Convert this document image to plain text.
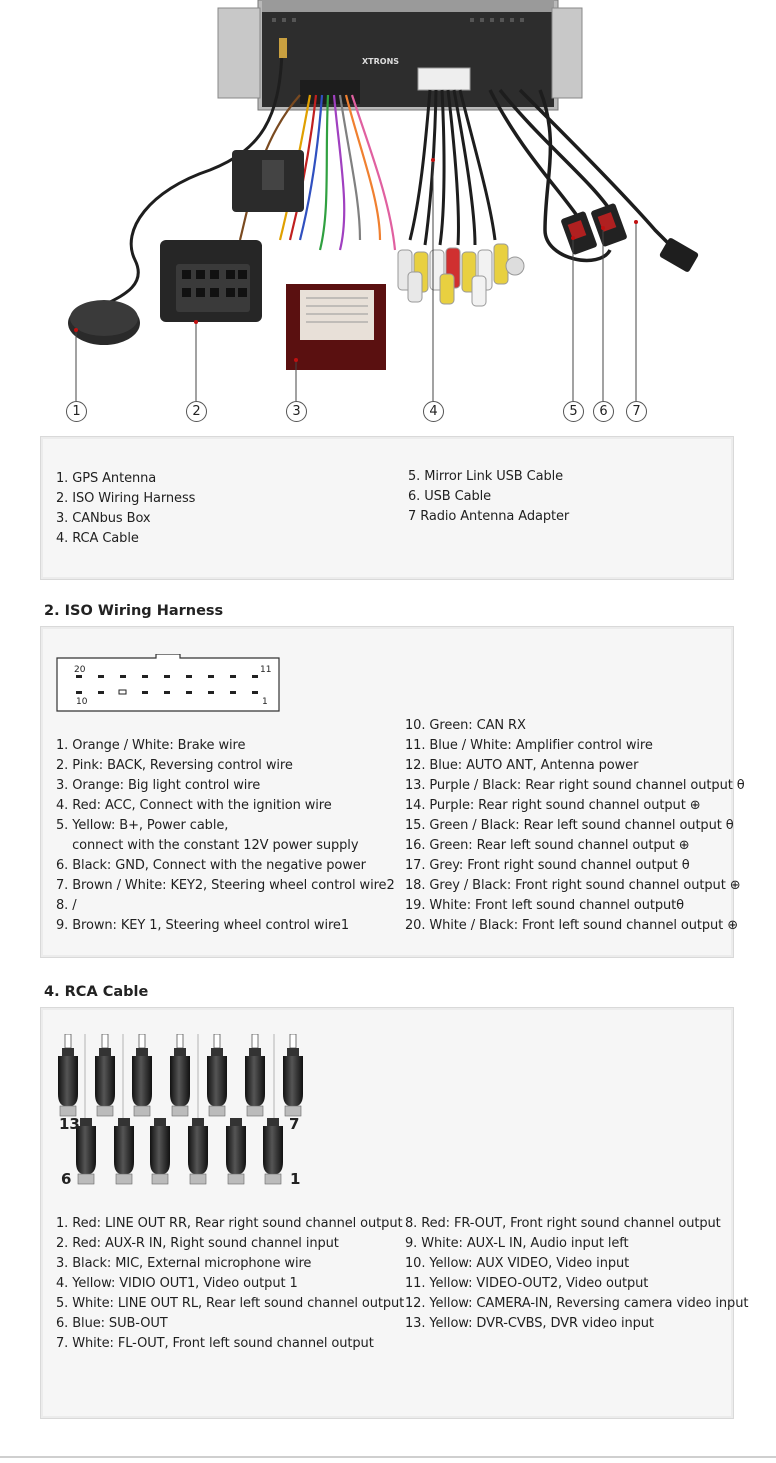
XTRONS
1	2	3	4	5	6	7
1. GPS Antenna
2. ISO Wiring Harness
3. CANbus Box
4. RCA Cable
5. Mirror Link USB Cable
6. USB Cable
7 Radio Antenna Adapter
2. ISO Wiring Harness
20	11
10	1
1. Orange / White: Brake wire
2. Pink: BACK, Reversing control wire
3. Orange: Big light control wire
4. Red: ACC, Connect with the ignition wire
5. Yellow: B+, Power cable,
connect with the constant 12V power supply
6. Black: GND, Connect with the negative power
7. Brown / White: KEY2, Steering wheel control wire2
8. /
9. Brown: KEY 1, Steering wheel control wire1
10. Green: CAN RX
11. Blue / White: Amplifier control wire
12. Blue: AUTO ANT, Antenna power
13. Purple / Black: Rear right sound channel output θ
14. Purple: Rear right sound channel output ⊕
15. Green / Black: Rear left sound channel output θ
16. Green: Rear left sound channel output ⊕
17. Grey: Front right sound channel output θ
18. Grey / Black: Front right sound channel output ⊕
19. White: Front left sound channel outputθ
20. White / Black: Front left sound channel output ⊕
4. RCA Cable
13	7
6	1
1. Red: LINE OUT RR, Rear right sound channel output
2. Red: AUX-R IN, Right sound channel input
3. Black: MIC, External microphone wire
4. Yellow: VIDIO OUT1, Video output 1
5. White: LINE OUT RL, Rear left sound channel output
6. Blue: SUB-OUT
7. White: FL-OUT, Front left sound channel output
8. Red: FR-OUT, Front right sound channel output
9. White: AUX-L IN, Audio input left
10. Yellow: AUX VIDEO, Video input
11. Yellow: VIDEO-OUT2, Video output
12. Yellow: CAMERA-IN, Reversing camera video input
13. Yellow: DVR-CVBS, DVR video input
